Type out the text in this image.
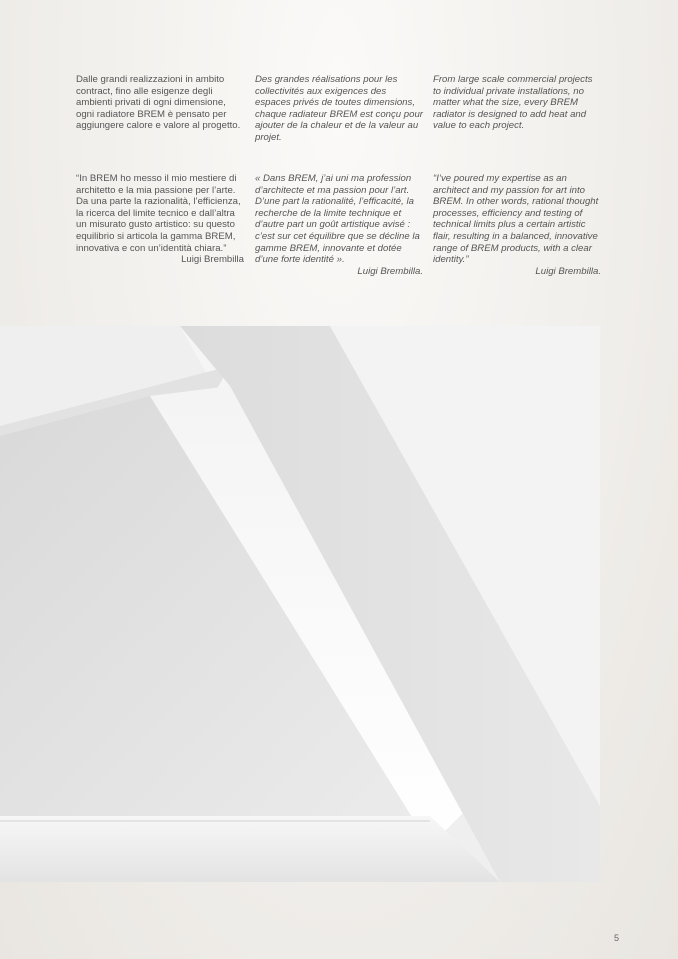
Dalle grandi realizzazioni in ambito contract, fino alle esigenze degli ambienti privati di ogni dimensione, ogni radiatore BREM è pensato per aggiungere calore e valore al progetto.

Des grandes réalisations pour les collectivités aux exigences des espaces privés de toutes dimensions, chaque radiateur BREM est conçu pour ajouter de la chaleur et de la valeur au projet.

From large scale commercial projects to individual private installations, no matter what the size, every BREM radiator is designed to add heat and value to each project.

“In BREM ho messo il mio mestiere di architetto e la mia passione per l’arte. Da una parte la razionalità, l’efficienza, la ricerca del limite tecnico e dall’altra un misurato gusto artistico: su questo equilibrio si articola la gamma BREM, innovativa e con un’identità chiara.”

Luigi Brembilla

« Dans BREM, j’ai uni ma profession d’architecte et ma passion pour l’art. D’une part la rationalité, l’efficacité, la recherche de la limite technique et d’autre part un goût artistique avisé : c’est sur cet équilibre que se décline la gamme BREM, innovante et dotée d’une forte identité ».

Luigi Brembilla.

“I’ve poured my expertise as an architect and my passion for art into BREM. In other words, rational thought processes, efficiency and testing of technical limits plus a certain artistic flair, resulting in a balanced, innovative range of BREM products, with a clear identity.”

Luigi Brembilla.
5
